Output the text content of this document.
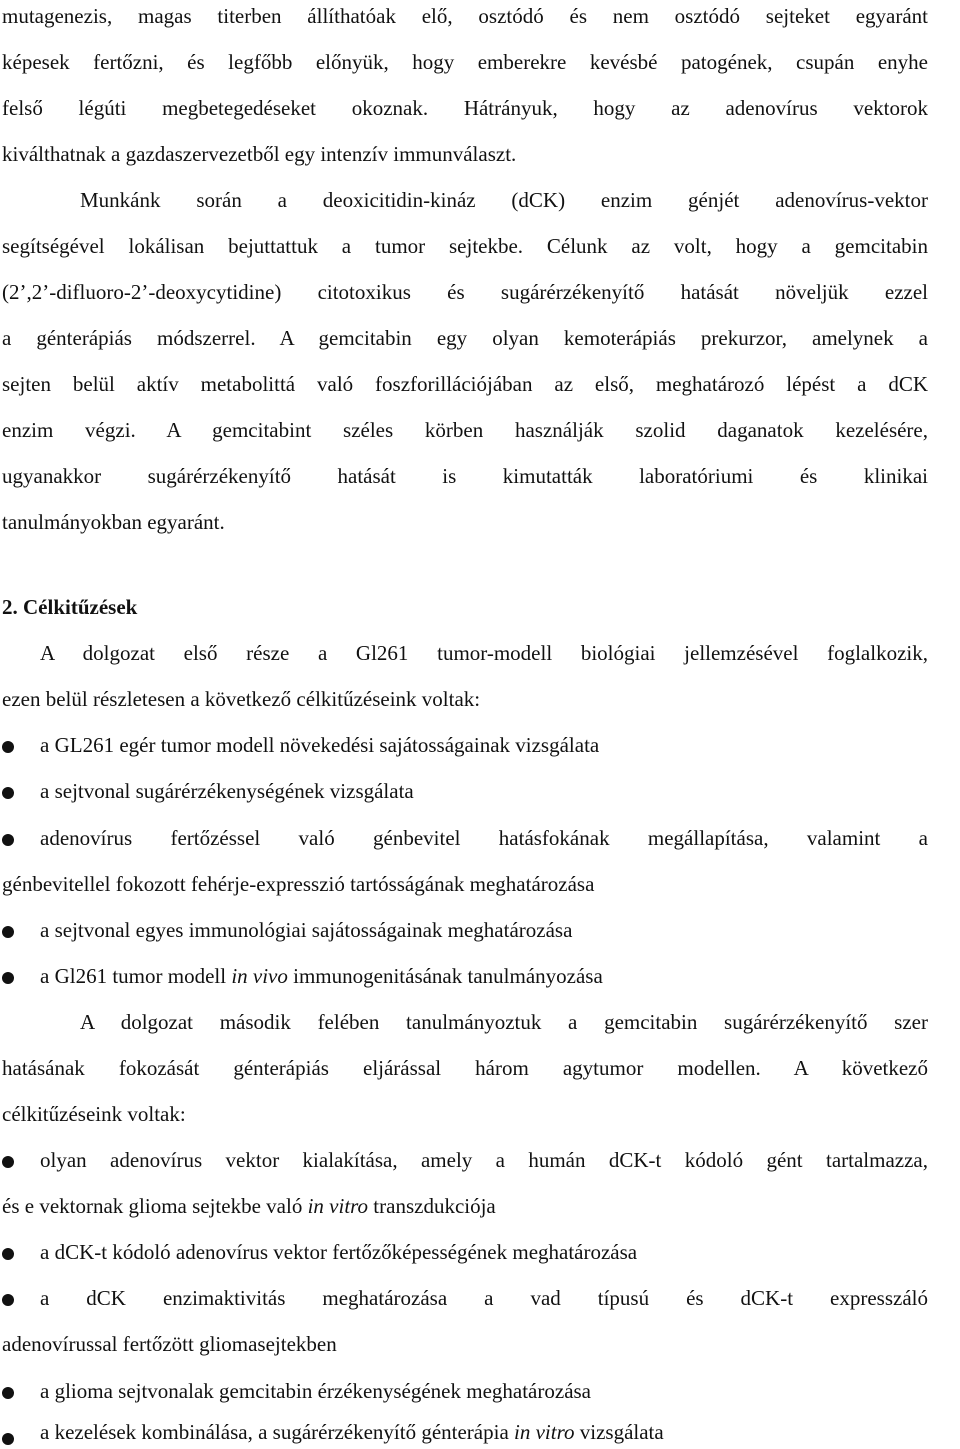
mutagenezis, magas titerben állíthatóak elő, osztódó és nem osztódó sejteket egyaránt
képesek fertőzni, és legfőbb előnyük, hogy emberekre kevésbé patogének, csupán enyhe
felső légúti megbetegedéseket okoznak. Hátrányuk, hogy az adenovírus vektorok
kiválthatnak a gazdaszervezetből egy intenzív immunválaszt.
Munkánk során a deoxicitidin-kináz (dCK) enzim génjét adenovírus-vektor
segítségével lokálisan bejuttattuk a tumor sejtekbe. Célunk az volt, hogy a gemcitabin
(2’,2’-difluoro-2’-deoxycytidine) citotoxikus és sugárérzékenyítő hatását növeljük ezzel
a génterápiás módszerrel. A gemcitabin egy olyan kemoterápiás prekurzor, amelynek a
sejten belül aktív metabolittá való foszforillációjában az első, meghatározó lépést a dCK
enzim végzi. A gemcitabint széles körben használják szolid daganatok kezelésére,
ugyanakkor sugárérzékenyítő hatását is kimutatták laboratóriumi és klinikai
tanulmányokban egyaránt.
2. Célkitűzések
A dolgozat első része a Gl261 tumor-modell biológiai jellemzésével foglalkozik,
ezen belül részletesen a következő célkitűzéseink voltak:
a GL261 egér tumor modell növekedési sajátosságainak vizsgálata
a sejtvonal sugárérzékenységének vizsgálata
adenovírus fertőzéssel való génbevitel hatásfokának megállapítása, valamint a
génbevitellel fokozott fehérje-expresszió tartósságának meghatározása
a sejtvonal egyes immunológiai sajátosságainak meghatározása
a Gl261 tumor modell in vivo immunogenitásának tanulmányozása
A dolgozat második felében tanulmányoztuk a gemcitabin sugárérzékenyítő szer
hatásának fokozását génterápiás eljárással három agytumor modellen. A következő
célkitűzéseink voltak:
olyan adenovírus vektor kialakítása, amely a humán dCK-t kódoló gént tartalmazza,
és e vektornak glioma sejtekbe való in vitro transzdukciója
a dCK-t kódoló adenovírus vektor fertőzőképességének meghatározása
a dCK enzimaktivitás meghatározása a vad típusú és dCK-t expresszáló
adenovírussal fertőzött gliomasejtekben
a glioma sejtvonalak gemcitabin érzékenységének meghatározása
a kezelések kombinálása, a sugárérzékenyítő génterápia in vitro vizsgálata
